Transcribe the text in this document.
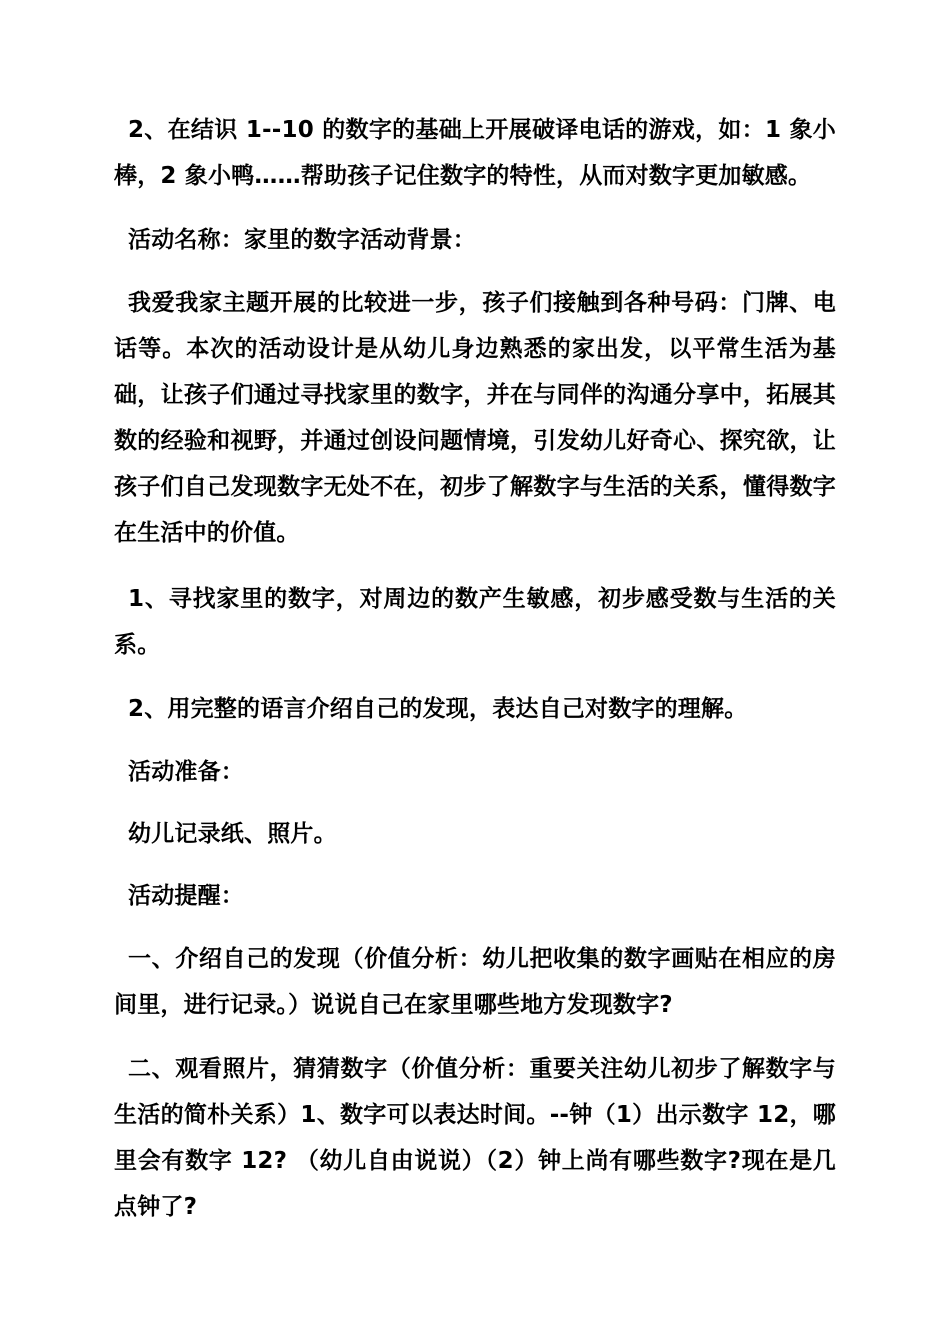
2、在结识 1--10 的数字的基础上开展破译电话的游戏，如：1 象小棒，2 象小鸭……帮助孩子记住数字的特性，从而对数字更加敏感。

活动名称：家里的数字活动背景：

我爱我家主题开展的比较进一步，孩子们接触到各种号码：门牌、电话等。本次的活动设计是从幼儿身边熟悉的家出发，以平常生活为基础，让孩子们通过寻找家里的数字，并在与同伴的沟通分享中，拓展其数的经验和视野，并通过创设问题情境，引发幼儿好奇心、探究欲，让孩子们自己发现数字无处不在，初步了解数字与生活的关系，懂得数字在生活中的价值。

1、寻找家里的数字，对周边的数产生敏感，初步感受数与生活的关系。

2、用完整的语言介绍自己的发现，表达自己对数字的理解。

活动准备：

幼儿记录纸、照片。

活动提醒：

一、介绍自己的发现（价值分析：幼儿把收集的数字画贴在相应的房间里，进行记录。）说说自己在家里哪些地方发现数字?

二、观看照片，猜猜数字（价值分析：重要关注幼儿初步了解数字与生活的简朴关系）1、数字可以表达时间。--钟（1）出示数字 12，哪里会有数字 12? （幼儿自由说说）（2）钟上尚有哪些数字?现在是几点钟了?
